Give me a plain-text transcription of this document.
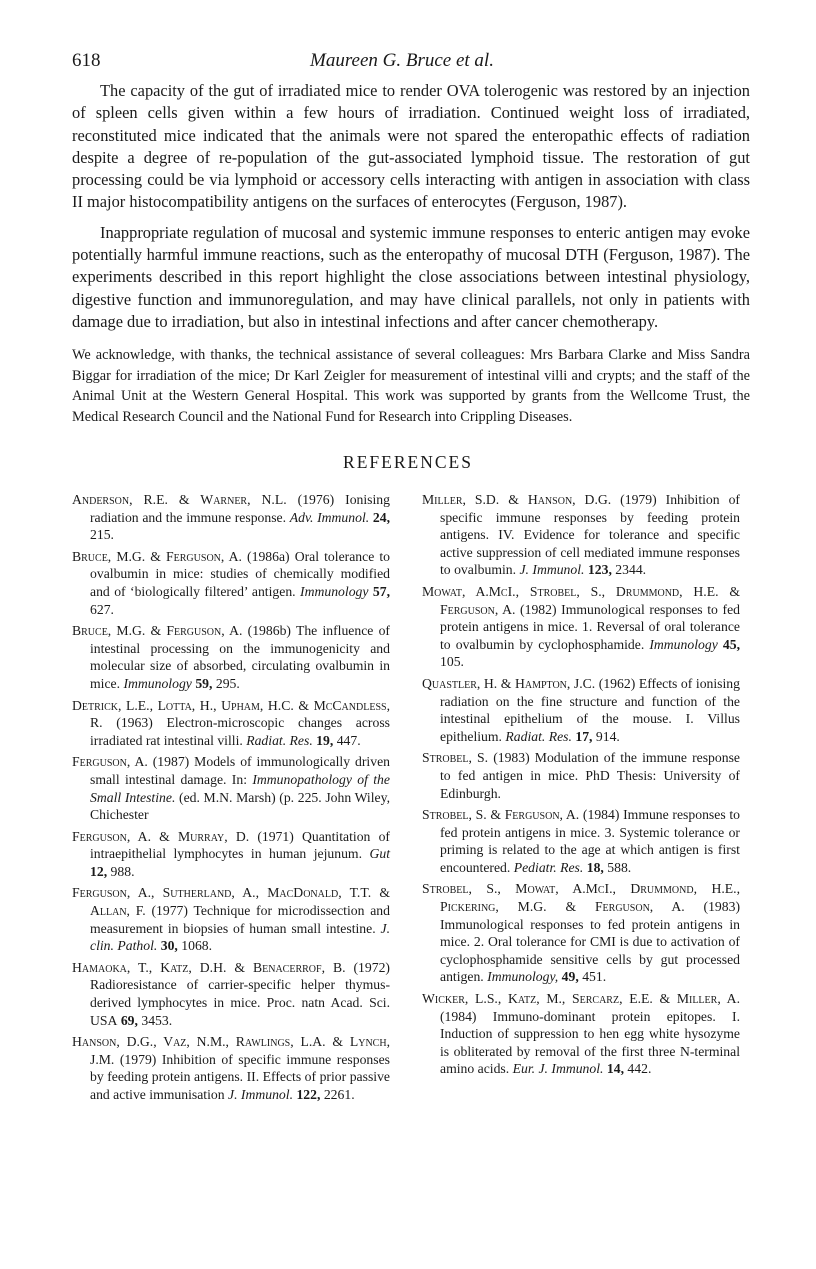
618	Maureen G. Bruce et al.

The capacity of the gut of irradiated mice to render OVA tolerogenic was restored by an injection of spleen cells given within a few hours of irradiation. Continued weight loss of irradiated, reconstituted mice indicated that the animals were not spared the enteropathic effects of radiation despite a degree of re-population of the gut-associated lymphoid tissue. The restoration of gut processing could be via lymphoid or accessory cells interacting with antigen in association with class II major histocompatibility antigens on the surfaces of enterocytes (Ferguson, 1987).

Inappropriate regulation of mucosal and systemic immune responses to enteric antigen may evoke potentially harmful immune reactions, such as the enteropathy of mucosal DTH (Ferguson, 1987). The experiments described in this report highlight the close associations between intestinal physiology, digestive function and immunoregulation, and may have clinical parallels, not only in patients with damage due to irradiation, but also in intestinal infections and after cancer chemotherapy.

We acknowledge, with thanks, the technical assistance of several colleagues: Mrs Barbara Clarke and Miss Sandra Biggar for irradiation of the mice; Dr Karl Zeigler for measurement of intestinal villi and crypts; and the staff of the Animal Unit at the Western General Hospital. This work was supported by grants from the Wellcome Trust, the Medical Research Council and the National Fund for Research into Crippling Diseases.

REFERENCES

Anderson, R.E. & Warner, N.L. (1976) Ionising radiation and the immune response. Adv. Immunol. 24, 215.

Bruce, M.G. & Ferguson, A. (1986a) Oral tolerance to ovalbumin in mice: studies of chemically modified and of ‘biologically filtered’ antigen. Immunology 57, 627.

Bruce, M.G. & Ferguson, A. (1986b) The influence of intestinal processing on the immunogenicity and molecular size of absorbed, circulating ovalbumin in mice. Immunology 59, 295.

Detrick, L.E., Lotta, H., Upham, H.C. & McCandless, R. (1963) Electron-microscopic changes across irradiated rat intestinal villi. Radiat. Res. 19, 447.

Ferguson, A. (1987) Models of immunologically driven small intestinal damage. In: Immunopathology of the Small Intestine. (ed. M.N. Marsh) (p. 225. John Wiley, Chichester

Ferguson, A. & Murray, D. (1971) Quantitation of intraepithelial lymphocytes in human jejunum. Gut 12, 988.

Ferguson, A., Sutherland, A., MacDonald, T.T. & Allan, F. (1977) Technique for microdissection and measurement in biopsies of human small intestine. J. clin. Pathol. 30, 1068.

Hamaoka, T., Katz, D.H. & Benacerrof, B. (1972) Radioresistance of carrier-specific helper thymus-derived lymphocytes in mice. Proc. natn Acad. Sci. USA 69, 3453.

Hanson, D.G., Vaz, N.M., Rawlings, L.A. & Lynch, J.M. (1979) Inhibition of specific immune responses by feeding protein antigens. II. Effects of prior passive and active immunisation J. Immunol. 122, 2261.

Miller, S.D. & Hanson, D.G. (1979) Inhibition of specific immune responses by feeding protein antigens. IV. Evidence for tolerance and specific active suppression of cell mediated immune responses to ovalbumin. J. Immunol. 123, 2344.

Mowat, A.McI., Strobel, S., Drummond, H.E. & Ferguson, A. (1982) Immunological responses to fed protein antigens in mice. 1. Reversal of oral tolerance to ovalbumin by cyclophosphamide. Immunology 45, 105.

Quastler, H. & Hampton, J.C. (1962) Effects of ionising radiation on the fine structure and function of the intestinal epithelium of the mouse. I. Villus epithelium. Radiat. Res. 17, 914.

Strobel, S. (1983) Modulation of the immune response to fed antigen in mice. PhD Thesis: University of Edinburgh.

Strobel, S. & Ferguson, A. (1984) Immune responses to fed protein antigens in mice. 3. Systemic tolerance or priming is related to the age at which antigen is first encountered. Pediatr. Res. 18, 588.

Strobel, S., Mowat, A.McI., Drummond, H.E., Pickering, M.G. & Ferguson, A. (1983) Immunological responses to fed protein antigens in mice. 2. Oral tolerance for CMI is due to activation of cyclophosphamide sensitive cells by gut processed antigen. Immunology, 49, 451.

Wicker, L.S., Katz, M., Sercarz, E.E. & Miller, A. (1984) Immuno-dominant protein epitopes. I. Induction of suppression to hen egg white hysozyme is obliterated by removal of the first three N-terminal amino acids. Eur. J. Immunol. 14, 442.
